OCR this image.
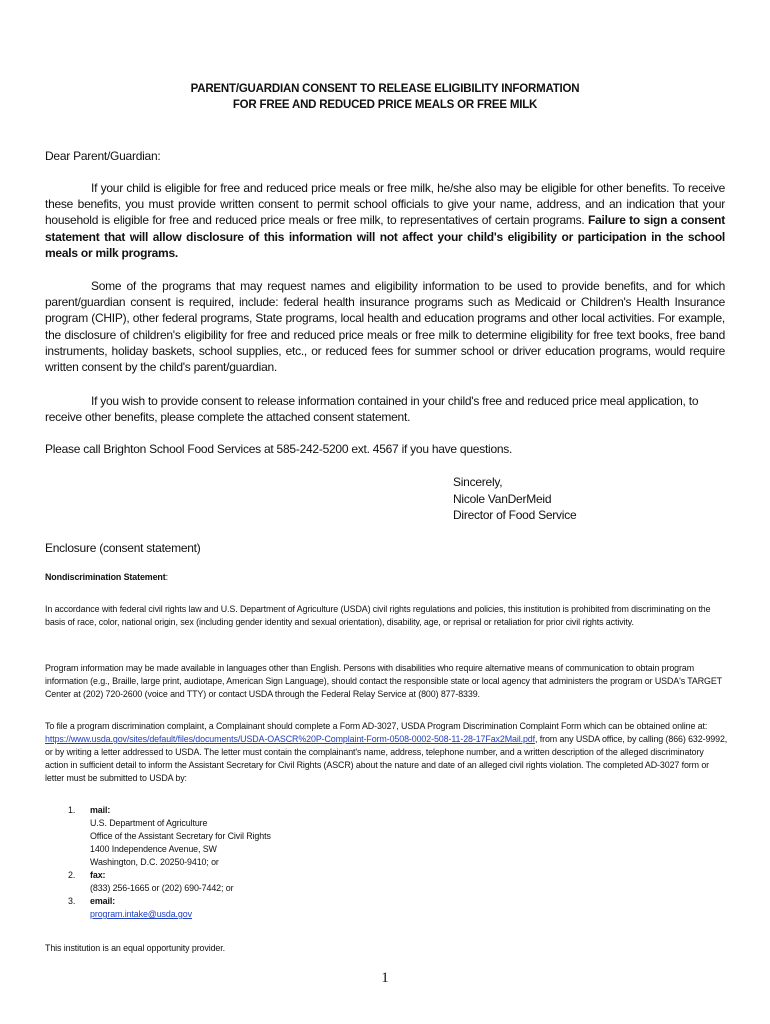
PARENT/GUARDIAN CONSENT TO RELEASE ELIGIBILITY INFORMATION
FOR FREE AND REDUCED PRICE MEALS OR FREE MILK
Dear Parent/Guardian:
If your child is eligible for free and reduced price meals or free milk, he/she also may be eligible for other benefits. To receive these benefits, you must provide written consent to permit school officials to give your name, address, and an indication that your household is eligible for free and reduced price meals or free milk, to representatives of certain programs. Failure to sign a consent statement that will allow disclosure of this information will not affect your child's eligibility or participation in the school meals or milk programs.
Some of the programs that may request names and eligibility information to be used to provide benefits, and for which parent/guardian consent is required, include: federal health insurance programs such as Medicaid or Children's Health Insurance program (CHIP), other federal programs, State programs, local health and education programs and other local activities. For example, the disclosure of children's eligibility for free and reduced price meals or free milk to determine eligibility for free text books, free band instruments, holiday baskets, school supplies, etc., or reduced fees for summer school or driver education programs, would require written consent by the child's parent/guardian.
If you wish to provide consent to release information contained in your child's free and reduced price meal application, to receive other benefits, please complete the attached consent statement.
Please call Brighton School Food Services at 585-242-5200 ext. 4567 if you have questions.
Sincerely,
Nicole VanDerMeid
Director of Food Service
Enclosure (consent statement)
Nondiscrimination Statement:
In accordance with federal civil rights law and U.S. Department of Agriculture (USDA) civil rights regulations and policies, this institution is prohibited from discriminating on the basis of race, color, national origin, sex (including gender identity and sexual orientation), disability, age, or reprisal or retaliation for prior civil rights activity.
Program information may be made available in languages other than English. Persons with disabilities who require alternative means of communication to obtain program information (e.g., Braille, large print, audiotape, American Sign Language), should contact the responsible state or local agency that administers the program or USDA's TARGET Center at (202) 720-2600 (voice and TTY) or contact USDA through the Federal Relay Service at (800) 877-8339.
To file a program discrimination complaint, a Complainant should complete a Form AD-3027, USDA Program Discrimination Complaint Form which can be obtained online at: https://www.usda.gov/sites/default/files/documents/USDA-OASCR%20P-Complaint-Form-0508-0002-508-11-28-17Fax2Mail.pdf, from any USDA office, by calling (866) 632-9992, or by writing a letter addressed to USDA. The letter must contain the complainant's name, address, telephone number, and a written description of the alleged discriminatory action in sufficient detail to inform the Assistant Secretary for Civil Rights (ASCR) about the nature and date of an alleged civil rights violation. The completed AD-3027 form or letter must be submitted to USDA by:
1.	mail:
U.S. Department of Agriculture
Office of the Assistant Secretary for Civil Rights
1400 Independence Avenue, SW
Washington, D.C. 20250-9410; or
2.	fax:
(833) 256-1665 or (202) 690-7442; or
3.	email:
program.intake@usda.gov
This institution is an equal opportunity provider.
1
